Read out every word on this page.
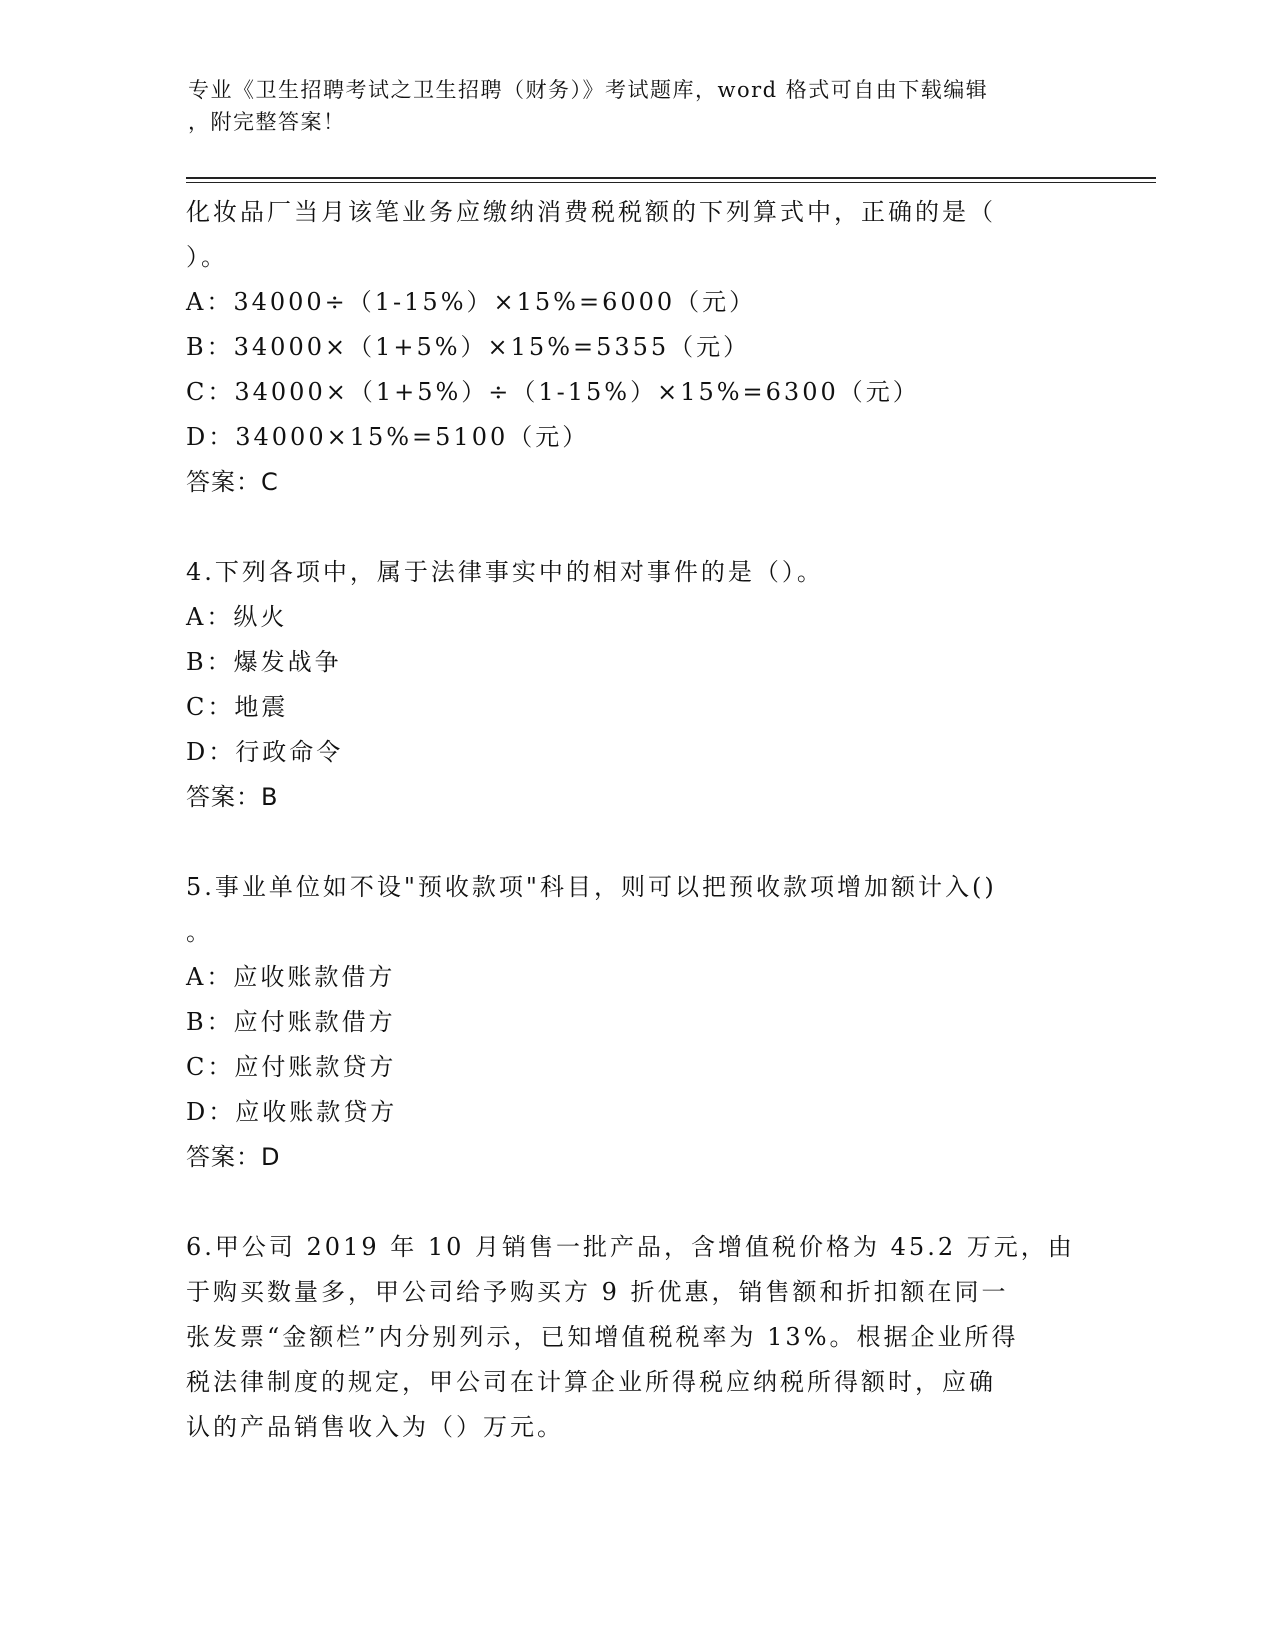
专业《卫生招聘考试之卫生招聘（财务）》考试题库，word 格式可自由下载编辑
，附完整答案！
化妆品厂当月该笔业务应缴纳消费税税额的下列算式中，正确的是（
）。
A：34000÷（1-15%）×15%=6000（元）
B：34000×（1+5%）×15%=5355（元）
C：34000×（1+5%）÷（1-15%）×15%=6300（元）
D：34000×15%=5100（元）
答案：C
4.下列各项中，属于法律事实中的相对事件的是（）。
A：纵火
B：爆发战争
C：地震
D：行政命令
答案：B
5.事业单位如不设"预收款项"科目，则可以把预收款项增加额计入()
。
A：应收账款借方
B：应付账款借方
C：应付账款贷方
D：应收账款贷方
答案：D
6.甲公司 2019 年 10 月销售一批产品，含增值税价格为 45.2 万元，由
于购买数量多，甲公司给予购买方 9 折优惠，销售额和折扣额在同一
张发票“金额栏”内分别列示，已知增值税税率为 13%。根据企业所得
税法律制度的规定，甲公司在计算企业所得税应纳税所得额时，应确
认的产品销售收入为（）万元。
